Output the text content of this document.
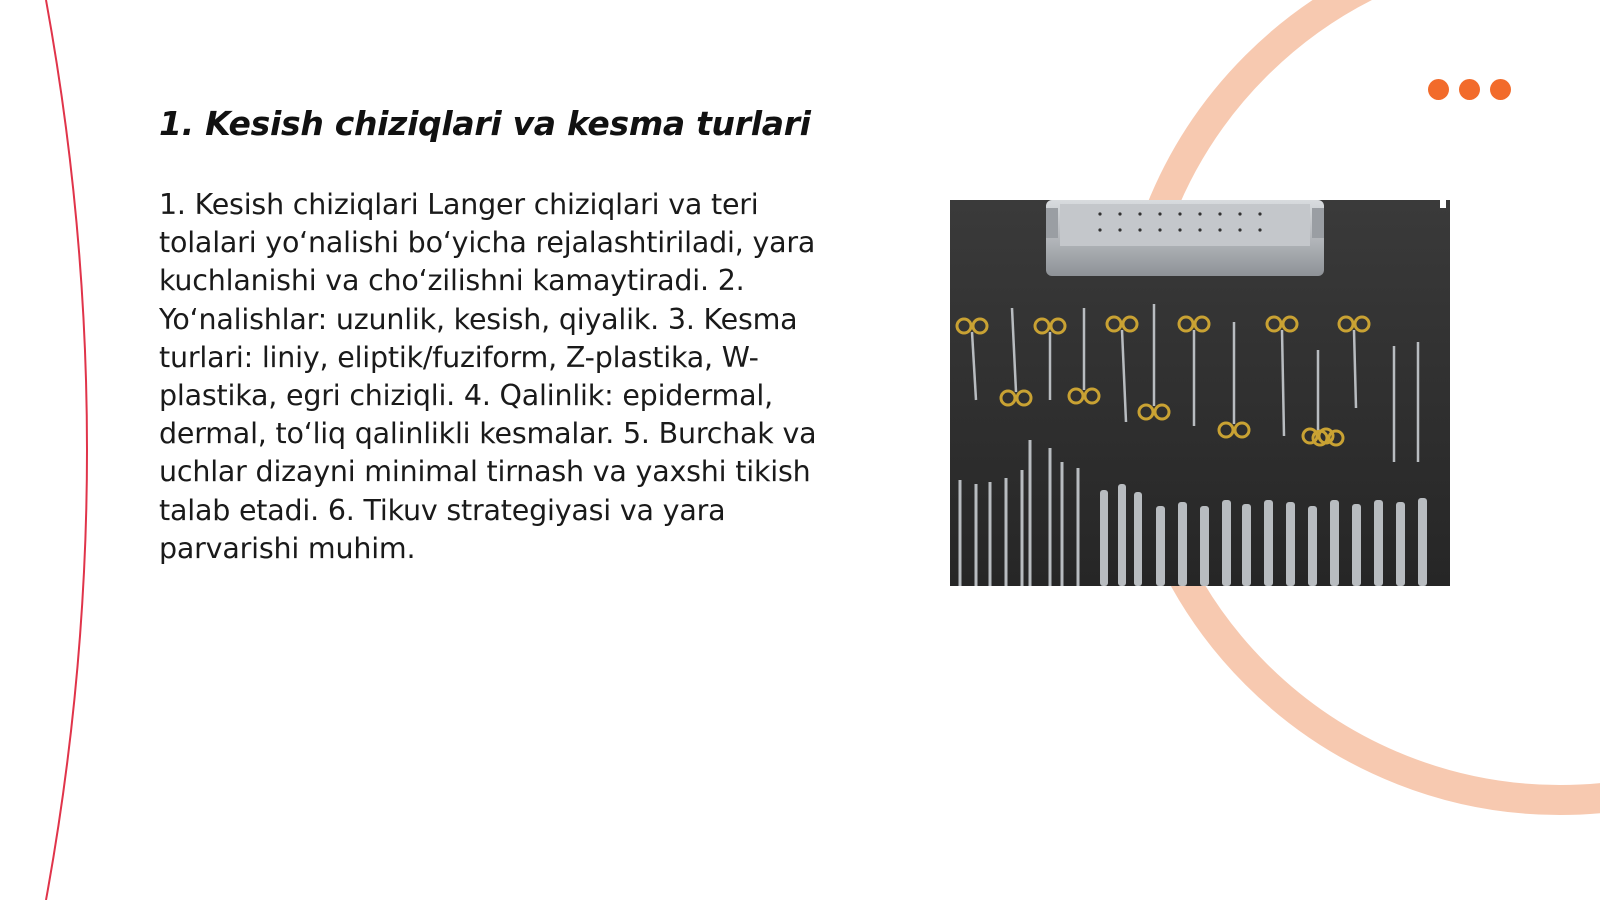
1. Kesish chiziqlari va kesma turlari

1. Kesish chiziqlari Langer chiziqlari va teri tolalari yo‘nalishi bo‘yicha rejalashtiriladi, yara kuchlanishi va cho‘zilishni kamaytiradi. 2. Yo‘nalishlar: uzunlik, kesish, qiyalik. 3. Kesma turlari: liniy, eliptik/fuziform, Z-plastika, W-plastika, egri chiziqli. 4. Qalinlik: epidermal, dermal, to‘liq qalinlikli kesmalar. 5. Burchak va uchlar dizayni minimal tirnash va yaxshi tikish talab etadi. 6. Tikuv strategiyasi va yara parvarishi muhim.
